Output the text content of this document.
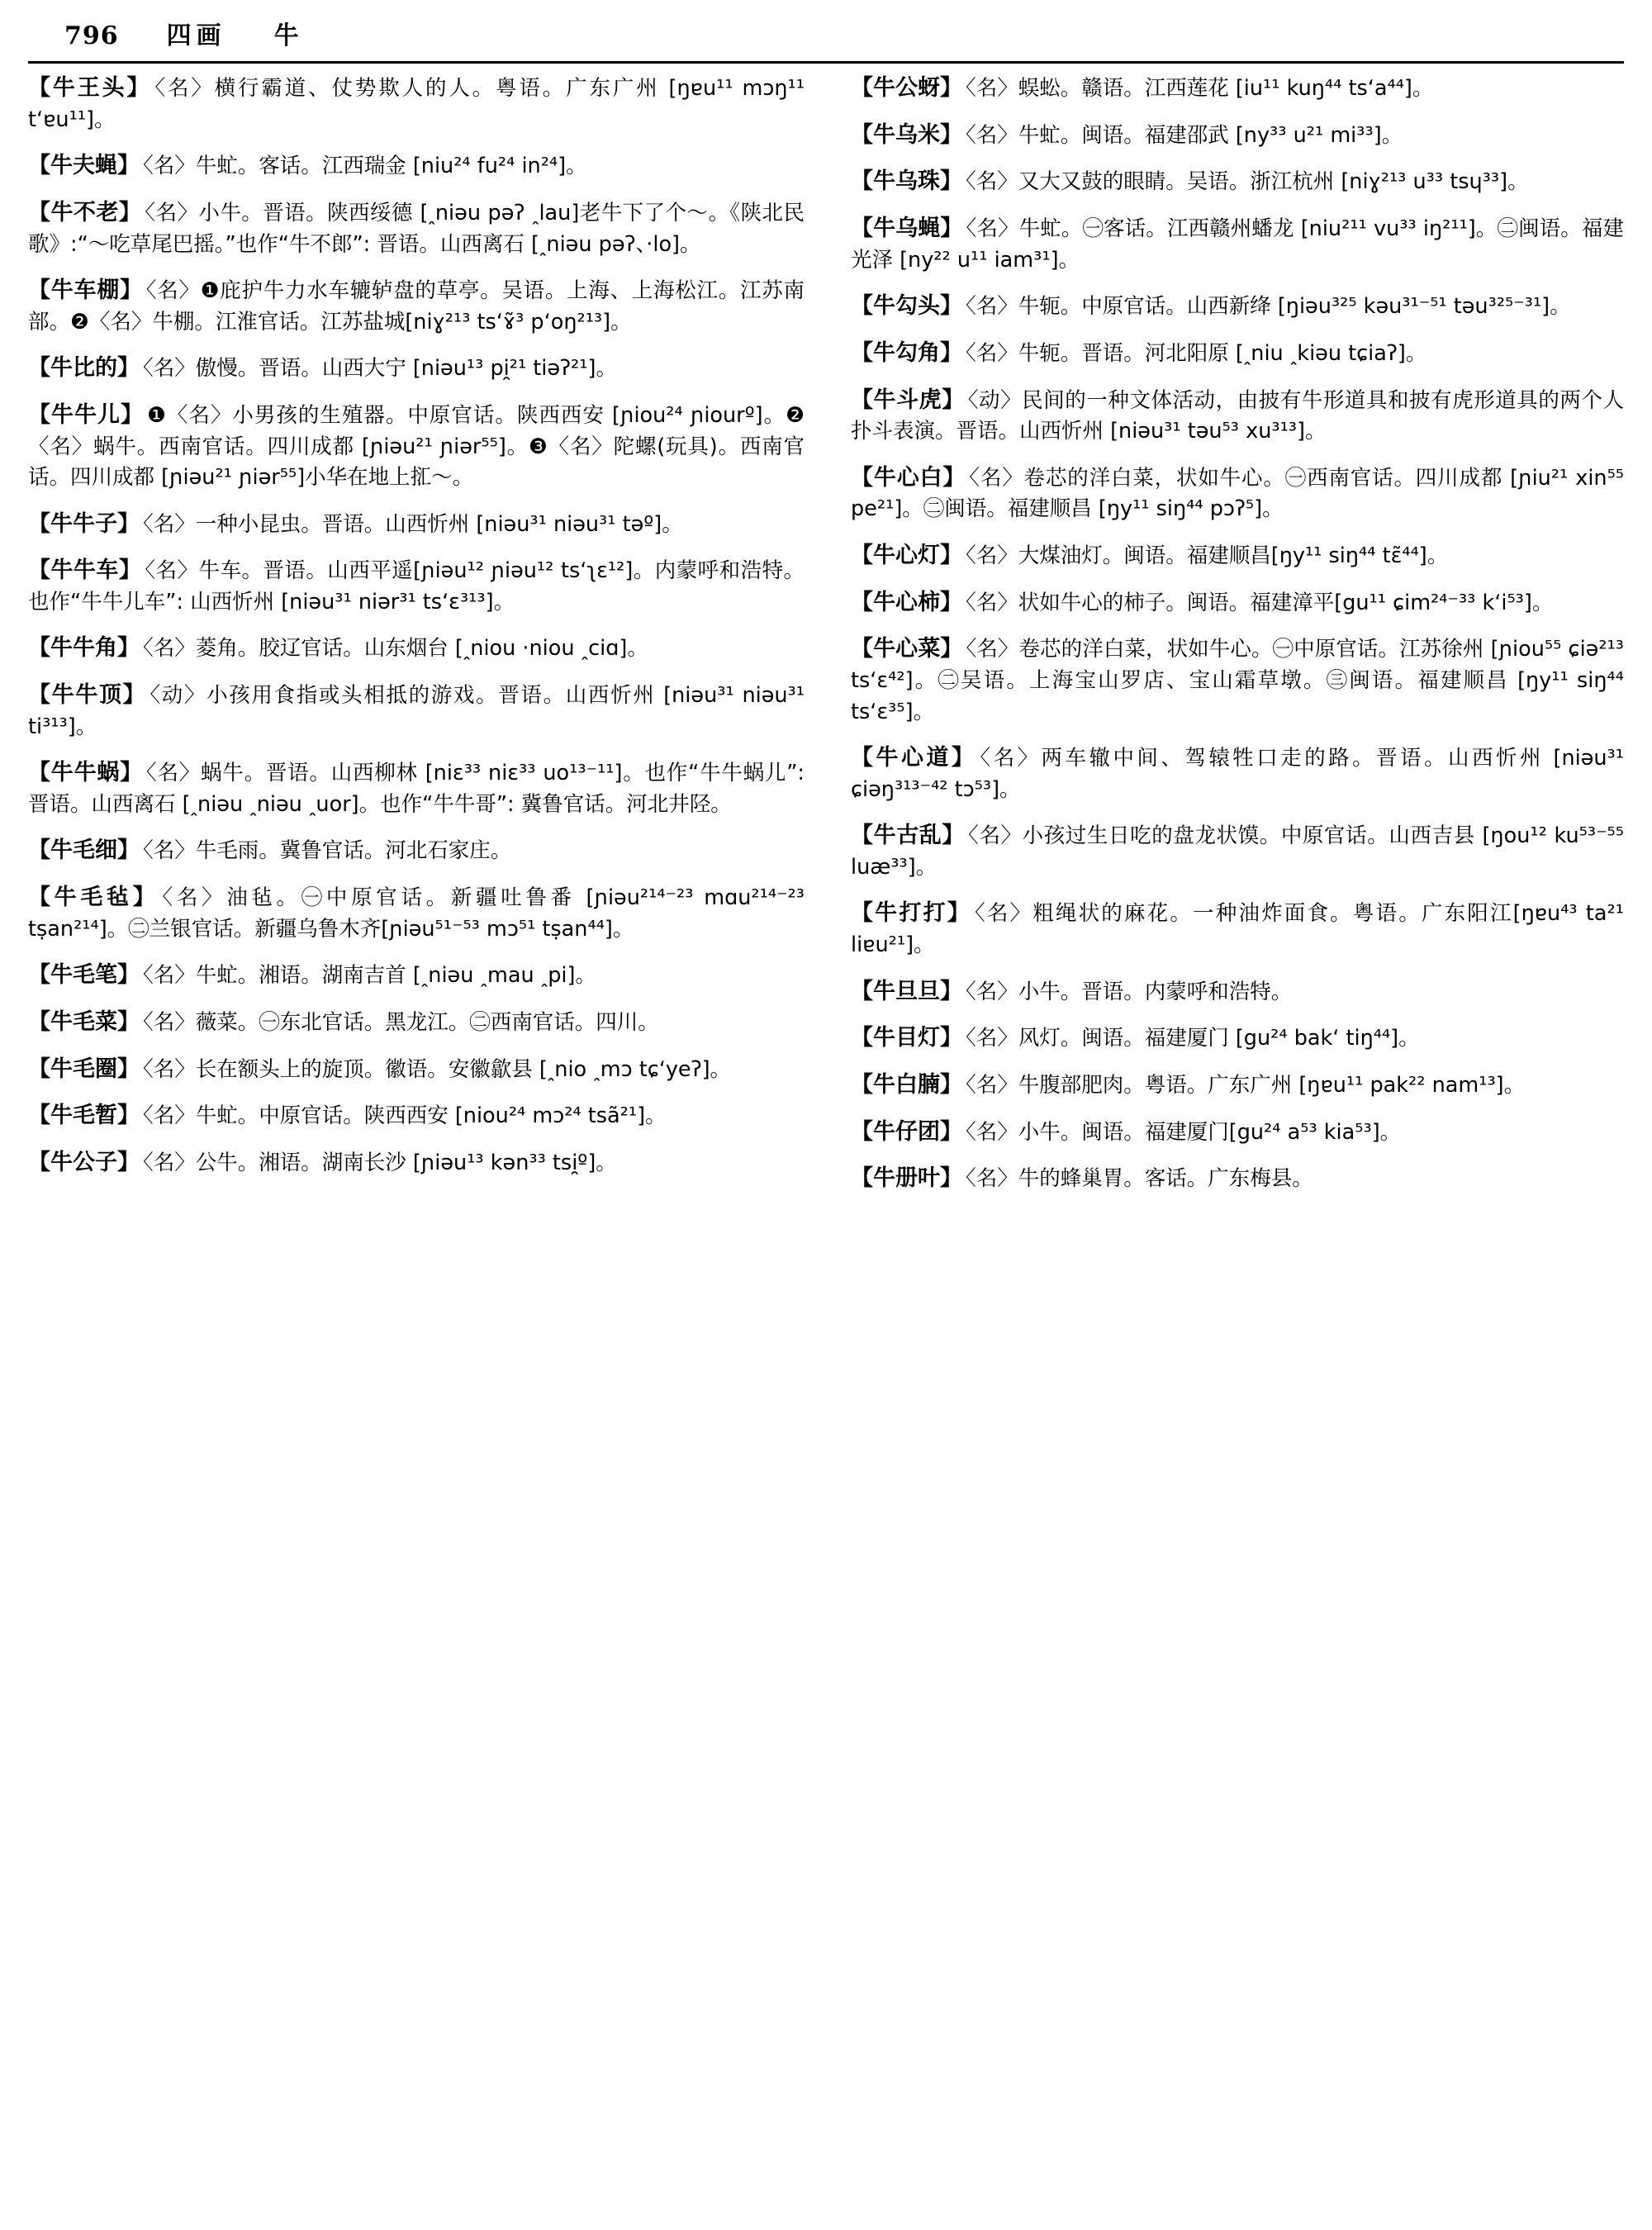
796 四画 牛
【牛王头】 〈名〉横行霸道、仗势欺人的人。粤语。广东广州 [ŋɐu¹¹ mɔŋ¹¹ tʻɐu¹¹]。
【牛夫蝇】 〈名〉牛虻。客话。江西瑞金 [niu²⁴ fu²⁴ in²⁴]。
【牛不老】 〈名〉小牛。晋语。陕西绥德 [ꞈniəu pəʔ ꞈlau]老牛下了个～。《陕北民歌》:“～吃草尾巴摇。”也作“牛不郎”: 晋语。山西离石 [ꞈniəu pəʔ、·lo]。
【牛车棚】 〈名〉❶庇护牛力水车辘轳盘的草亭。吴语。上海、上海松江。江苏南部。❷〈名〉牛棚。江淮官话。江苏盐城[niɣ²¹³ tsʻɤ̃³ pʻoŋ²¹³]。
【牛比的】 〈名〉傲慢。晋语。山西大宁 [niəu¹³ pi̯²¹ tiəʔ²¹]。
【牛牛儿】 ❶〈名〉小男孩的生殖器。中原官话。陕西西安 [ɲiou²⁴ ɲiourº]。❷〈名〉蜗牛。西南官话。四川成都 [ɲiəu²¹ ɲiər⁵⁵]。❸〈名〉陀螺(玩具)。西南官话。四川成都 [ɲiəu²¹ ɲiər⁵⁵]小华在地上㧟～。
【牛牛子】 〈名〉一种小昆虫。晋语。山西忻州 [niəu³¹ niəu³¹ təº]。
【牛牛车】 〈名〉牛车。晋语。山西平遥[ɲiəu¹² ɲiəu¹² tsʻʅɛ¹²]。内蒙呼和浩特。也作“牛牛儿车”: 山西忻州 [niəu³¹ niər³¹ tsʻɛ³¹³]。
【牛牛角】 〈名〉菱角。胶辽官话。山东烟台 [ꞈniou ·niou ꞈciɑ]。
【牛牛顶】 〈动〉小孩用食指或头相抵的游戏。晋语。山西忻州 [niəu³¹ niəu³¹ ti³¹³]。
【牛牛蜗】 〈名〉蜗牛。晋语。山西柳林 [niɛ³³ niɛ³³ uo¹³⁻¹¹]。也作“牛牛蜗儿”: 晋语。山西离石 [ꞈniəu ꞈniəu ꞈuor]。也作“牛牛哥”: 冀鲁官话。河北井陉。
【牛毛细】 〈名〉牛毛雨。冀鲁官话。河北石家庄。
【牛毛毡】 〈名〉油毡。㊀中原官话。新疆吐鲁番 [ɲiəu²¹⁴⁻²³ mɑu²¹⁴⁻²³ tṣan²¹⁴]。㊁兰银官话。新疆乌鲁木齐[ɲiəu⁵¹⁻⁵³ mɔ⁵¹ tṣan⁴⁴]。
【牛毛笔】 〈名〉牛虻。湘语。湖南吉首 [ꞈniəu ꞈmau ꞈpi]。
【牛毛菜】 〈名〉薇菜。㊀东北官话。黑龙江。㊁西南官话。四川。
【牛毛圈】 〈名〉长在额头上的旋顶。徽语。安徽歙县 [ꞈnio ꞈmɔ tɕʻyeʔ]。
【牛毛暂】 〈名〉牛虻。中原官话。陕西西安 [niou²⁴ mɔ²⁴ tsã²¹]。
【牛公子】 〈名〉公牛。湘语。湖南长沙 [ɲiəu¹³ kən³³ tsi̯º]。
【牛公蚜】 〈名〉蜈蚣。赣语。江西莲花 [iu¹¹ kuŋ⁴⁴ tsʻa⁴⁴]。
【牛乌米】 〈名〉牛虻。闽语。福建邵武 [ny³³ u²¹ mi³³]。
【牛乌珠】 〈名〉又大又鼓的眼睛。吴语。浙江杭州 [niɣ²¹³ u³³ tsɥ³³]。
【牛乌蝇】 〈名〉牛虻。㊀客话。江西赣州蟠龙 [niu²¹¹ vu³³ iŋ²¹¹]。㊁闽语。福建光泽 [ny²² u¹¹ iam³¹]。
【牛勾头】 〈名〉牛轭。中原官话。山西新绛 [ŋiəu³²⁵ kəu³¹⁻⁵¹ təu³²⁵⁻³¹]。
【牛勾角】 〈名〉牛轭。晋语。河北阳原 [ꞈniu ꞈkiəu tɕiaʔ]。
【牛斗虎】 〈动〉民间的一种文体活动，由披有牛形道具和披有虎形道具的两个人扑斗表演。晋语。山西忻州 [niəu³¹ təu⁵³ xu³¹³]。
【牛心白】 〈名〉卷芯的洋白菜，状如牛心。㊀西南官话。四川成都 [ɲiu²¹ xin⁵⁵ pe²¹]。㊁闽语。福建顺昌 [ŋy¹¹ siŋ⁴⁴ pɔʔ⁵]。
【牛心灯】 〈名〉大煤油灯。闽语。福建顺昌[ŋy¹¹ siŋ⁴⁴ tɛ̃⁴⁴]。
【牛心柿】 〈名〉状如牛心的柿子。闽语。福建漳平[gu¹¹ ɕim²⁴⁻³³ kʻi⁵³]。
【牛心菜】 〈名〉卷芯的洋白菜，状如牛心。㊀中原官话。江苏徐州 [ɲiou⁵⁵ ɕiə²¹³ tsʻɛ⁴²]。㊁吴语。上海宝山罗店、宝山霜草墩。㊂闽语。福建顺昌 [ŋy¹¹ siŋ⁴⁴ tsʻɛ³⁵]。
【牛心道】 〈名〉两车辙中间、驾辕牲口走的路。晋语。山西忻州 [niəu³¹ ɕiəŋ³¹³⁻⁴² tɔ⁵³]。
【牛古乱】 〈名〉小孩过生日吃的盘龙状馍。中原官话。山西吉县 [ŋou¹² ku⁵³⁻⁵⁵ luæ³³]。
【牛打打】 〈名〉粗绳状的麻花。一种油炸面食。粤语。广东阳江[ŋɐu⁴³ ta²¹ liɐu²¹]。
【牛旦旦】 〈名〉小牛。晋语。内蒙呼和浩特。
【牛目灯】 〈名〉风灯。闽语。福建厦门 [gu²⁴ bakʻ tiŋ⁴⁴]。
【牛白腩】 〈名〉牛腹部肥肉。粤语。广东广州 [ŋɐu¹¹ pak²² nam¹³]。
【牛仔团】 〈名〉小牛。闽语。福建厦门[gu²⁴ a⁵³ kia⁵³]。
【牛册叶】 〈名〉牛的蜂巢胃。客话。广东梅县。
